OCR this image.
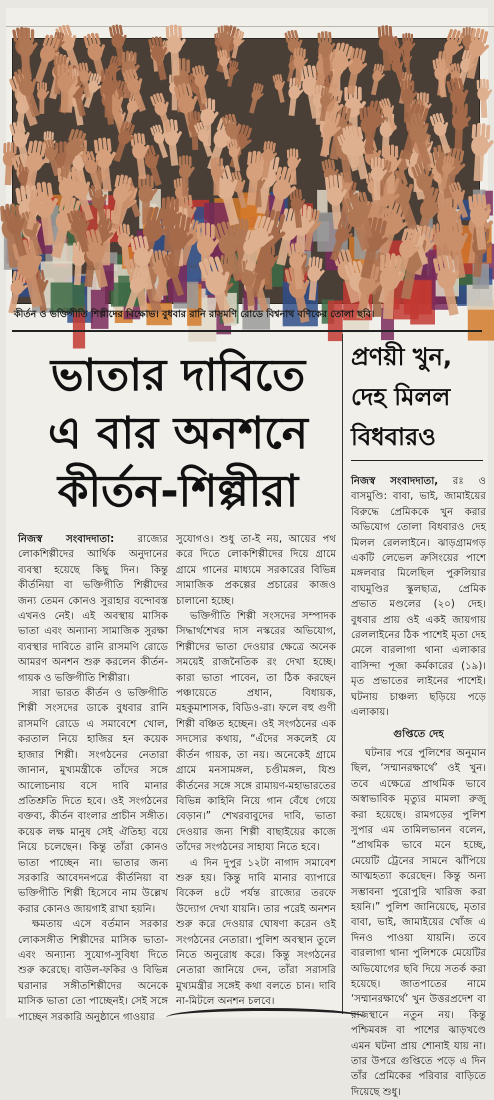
কীর্তন ও ভক্তিগীতি শিল্পীদের বিক্ষোভ। বুধবার রানি রাসমণি রোডে বিশ্বনাথ বণিকের তোলা ছবি।
ভাতার দাবিতে
এ বার অনশনে
কীর্তন-শিল্পীরা
প্রণয়ী খুন,
দেহ মিলল
বিধবারও

নিজস্ব সংবাদদাতা: রাজ্যের লোকশিল্পীদের আর্থিক অনুদানের ব্যবস্থা হয়েছে কিছু দিন। কিন্তু কীর্তনিয়া বা ভক্তিগীতি শিল্পীদের জন্য তেমন কোনও সুরাহার বন্দোবস্ত এখনও নেই। এই অবস্থায় মাসিক ভাতা এবং অন্যান্য সামাজিক সুরক্ষা ব্যবস্থার দাবিতে রানি রাসমণি রোডে আমরণ অনশন শুরু করলেন কীর্তন-গায়ক ও ভক্তিগীতি শিল্পীরা।

সারা ভারত কীর্তন ও ভক্তিগীতি শিল্পী সংসদের ডাকে বুধবার রানি রাসমণি রোডে এ সমাবেশে খোল, করতাল নিয়ে হাজির হন কয়েক হাজার শিল্পী। সংগঠনের নেতারা জানান, মুখ্যমন্ত্রীকে তাঁদের সঙ্গে আলোচনায় বসে দাবি মানার প্রতিশ্রুতি দিতে হবে। ওই সংগঠনের বক্তব্য, কীর্তন বাংলার প্রাচীন সঙ্গীত। কয়েক লক্ষ মানুষ সেই ঐতিহ্য বয়ে নিয়ে চলেছেন। কিন্তু তাঁরা কোনও ভাতা পাচ্ছেন না। ভাতার জন্য সরকারি আবেদনপত্রে কীর্তনিয়া বা ভক্তিগীতি শিল্পী হিসেবে নাম উল্লেখ করার কোনও জায়গাই রাখা হয়নি।

ক্ষমতায় এসে বর্তমান সরকার লোকসঙ্গীত শিল্পীদের মাসিক ভাতা-এবং অন্যান্য সুযোগ-সুবিধা দিতে শুরু করেছে। বাউল-ফকির ও বিভিন্ন ঘরানার সঙ্গীতশিল্পীদের অনেকে মাসিক ভাতা তো পাচ্ছেনই। সেই সঙ্গে পাচ্ছেন সরকারি অনুষ্ঠানে গাওয়ার

সুযোগও। শুধু তা-ই নয়, আয়ের পথ করে দিতে লোকশিল্পীদের দিয়ে গ্রামে গ্রামে গানের মাধ্যমে সরকারের বিভিন্ন সামাজিক প্রকল্পের প্রচারের কাজও চালানো হচ্ছে।

ভক্তিগীতি শিল্পী সংসদের সম্পাদক সিদ্ধার্থশেখর দাস নস্করের অভিযোগ, শিল্পীদের ভাতা দেওয়ার ক্ষেত্রে অনেক সময়েই রাজনৈতিক রং দেখা হচ্ছে। কারা ভাতা পাবেন, তা ঠিক করছেন পঞ্চায়েতে প্রধান, বিধায়ক, মহকুমাশাসক, বিডিও-রা। ফলে বহু গুণী শিল্পী বঞ্চিত হচ্ছেন। ওই সংগঠনের এক সদস্যের কথায়, “এঁদের সকলেই যে কীর্তন গায়ক, তা নয়। অনেকেই গ্রামে গ্রামে মনসামঙ্গল, চণ্ডীমঙ্গল, যিশু কীর্তনের সঙ্গে সঙ্গে রামায়ণ-মহাভারতের বিভিন্ন কাহিনি নিয়ে গান বেঁধে গেয়ে বেড়ান।” শেখরবাবুদের দাবি, ভাতা দেওয়ার জন্য শিল্পী বাছাইয়ের কাজে তাঁদের সংগঠনের সাহায্য নিতে হবে।

এ দিন দুপুর ১২টা নাগাদ সমাবেশ শুরু হয়। কিন্তু দাবি মানার ব্যাপারে বিকেল ৪টে পর্যন্ত রাজ্যের তরফে উদ্যোগ দেখা যায়নি। তার পরেই অনশন শুরু করে দেওয়ার ঘোষণা করেন ওই সংগঠনের নেতারা। পুলিশ অবস্থান তুলে নিতে অনুরোধ করে। কিন্তু সংগঠনের নেতারা জানিয়ে দেন, তাঁরা সরাসরি মুখ্যমন্ত্রীর সঙ্গেই কথা বলতে চান। দাবি না-মিটলে অনশন চলবে।

নিজস্ব সংবাদদাতা, রঃ ও বাসমুণ্ডি: বাবা, ভাই, জামাইয়ের বিরুদ্ধে প্রেমিককে খুন করার অভিযোগ তোলা বিধবারও দেহ মিলল রেললাইনে। ঝাড়গ্রামগড় একটি লেভেল ক্রসিংয়ের পাশে মঙ্গলবার মিলেছিল পুরুলিয়ার বাঘমুণ্ডির স্কুলছাত্র, প্রেমিক প্রভাত মণ্ডলের (২০) দেহ। বুধবার প্রায় ওই একই জায়গায় রেললাইনের ঠিক পাশেই মৃতা দেহ মেলে বারলাগা থানা এলাকার বাসিন্দা পূজা কর্মকারের (১৯)। মৃত প্রভাতের লাইনের পাশেই। ঘটনায় চাঞ্চল্য ছড়িয়ে পড়ে এলাকায়।

গুপ্তিতে দেহ

ঘটনার পরে পুলিশের অনুমান ছিল, ‘সম্মানরক্ষার্থে’ ওই খুন। তবে এক্ষেত্রে প্রাথমিক ভাবে অস্বাভাবিক মৃত্যুর মামলা রুজু করা হয়েছে। রামগড়ের পুলিশ সুপার এম তামিলভানন বলেন, “প্রাথমিক ভাবে মনে হচ্ছে, মেয়েটি ট্রেনের সামনে ঝাঁপিয়ে আত্মহত্যা করেছেন। কিন্তু অন্য সম্ভাবনা পুরোপুরি খারিজ করা হয়নি।” পুলিশ জানিয়েছে, মৃতার বাবা, ভাই, জামাইয়ের খোঁজ এ দিনও পাওয়া যায়নি। তবে বারলাগা থানা পুলিশকে মেয়েটির অভিযোগের ছবি দিয়ে সতর্ক করা হয়েছে। জাতপাতের নামে ‘সম্মানরক্ষার্থে’ খুন উত্তরপ্রদেশ বা রাজস্থানে নতুন নয়। কিন্তু পশ্চিমবঙ্গ বা পাশের ঝাড়খণ্ডে এমন ঘটনা প্রায় শোনাই যায় না। তার উপরে গুপ্তিতে পড়ে এ দিন তাঁর প্রেমিকের পরিবার বাড়িতে দিয়েছে শুধু।
